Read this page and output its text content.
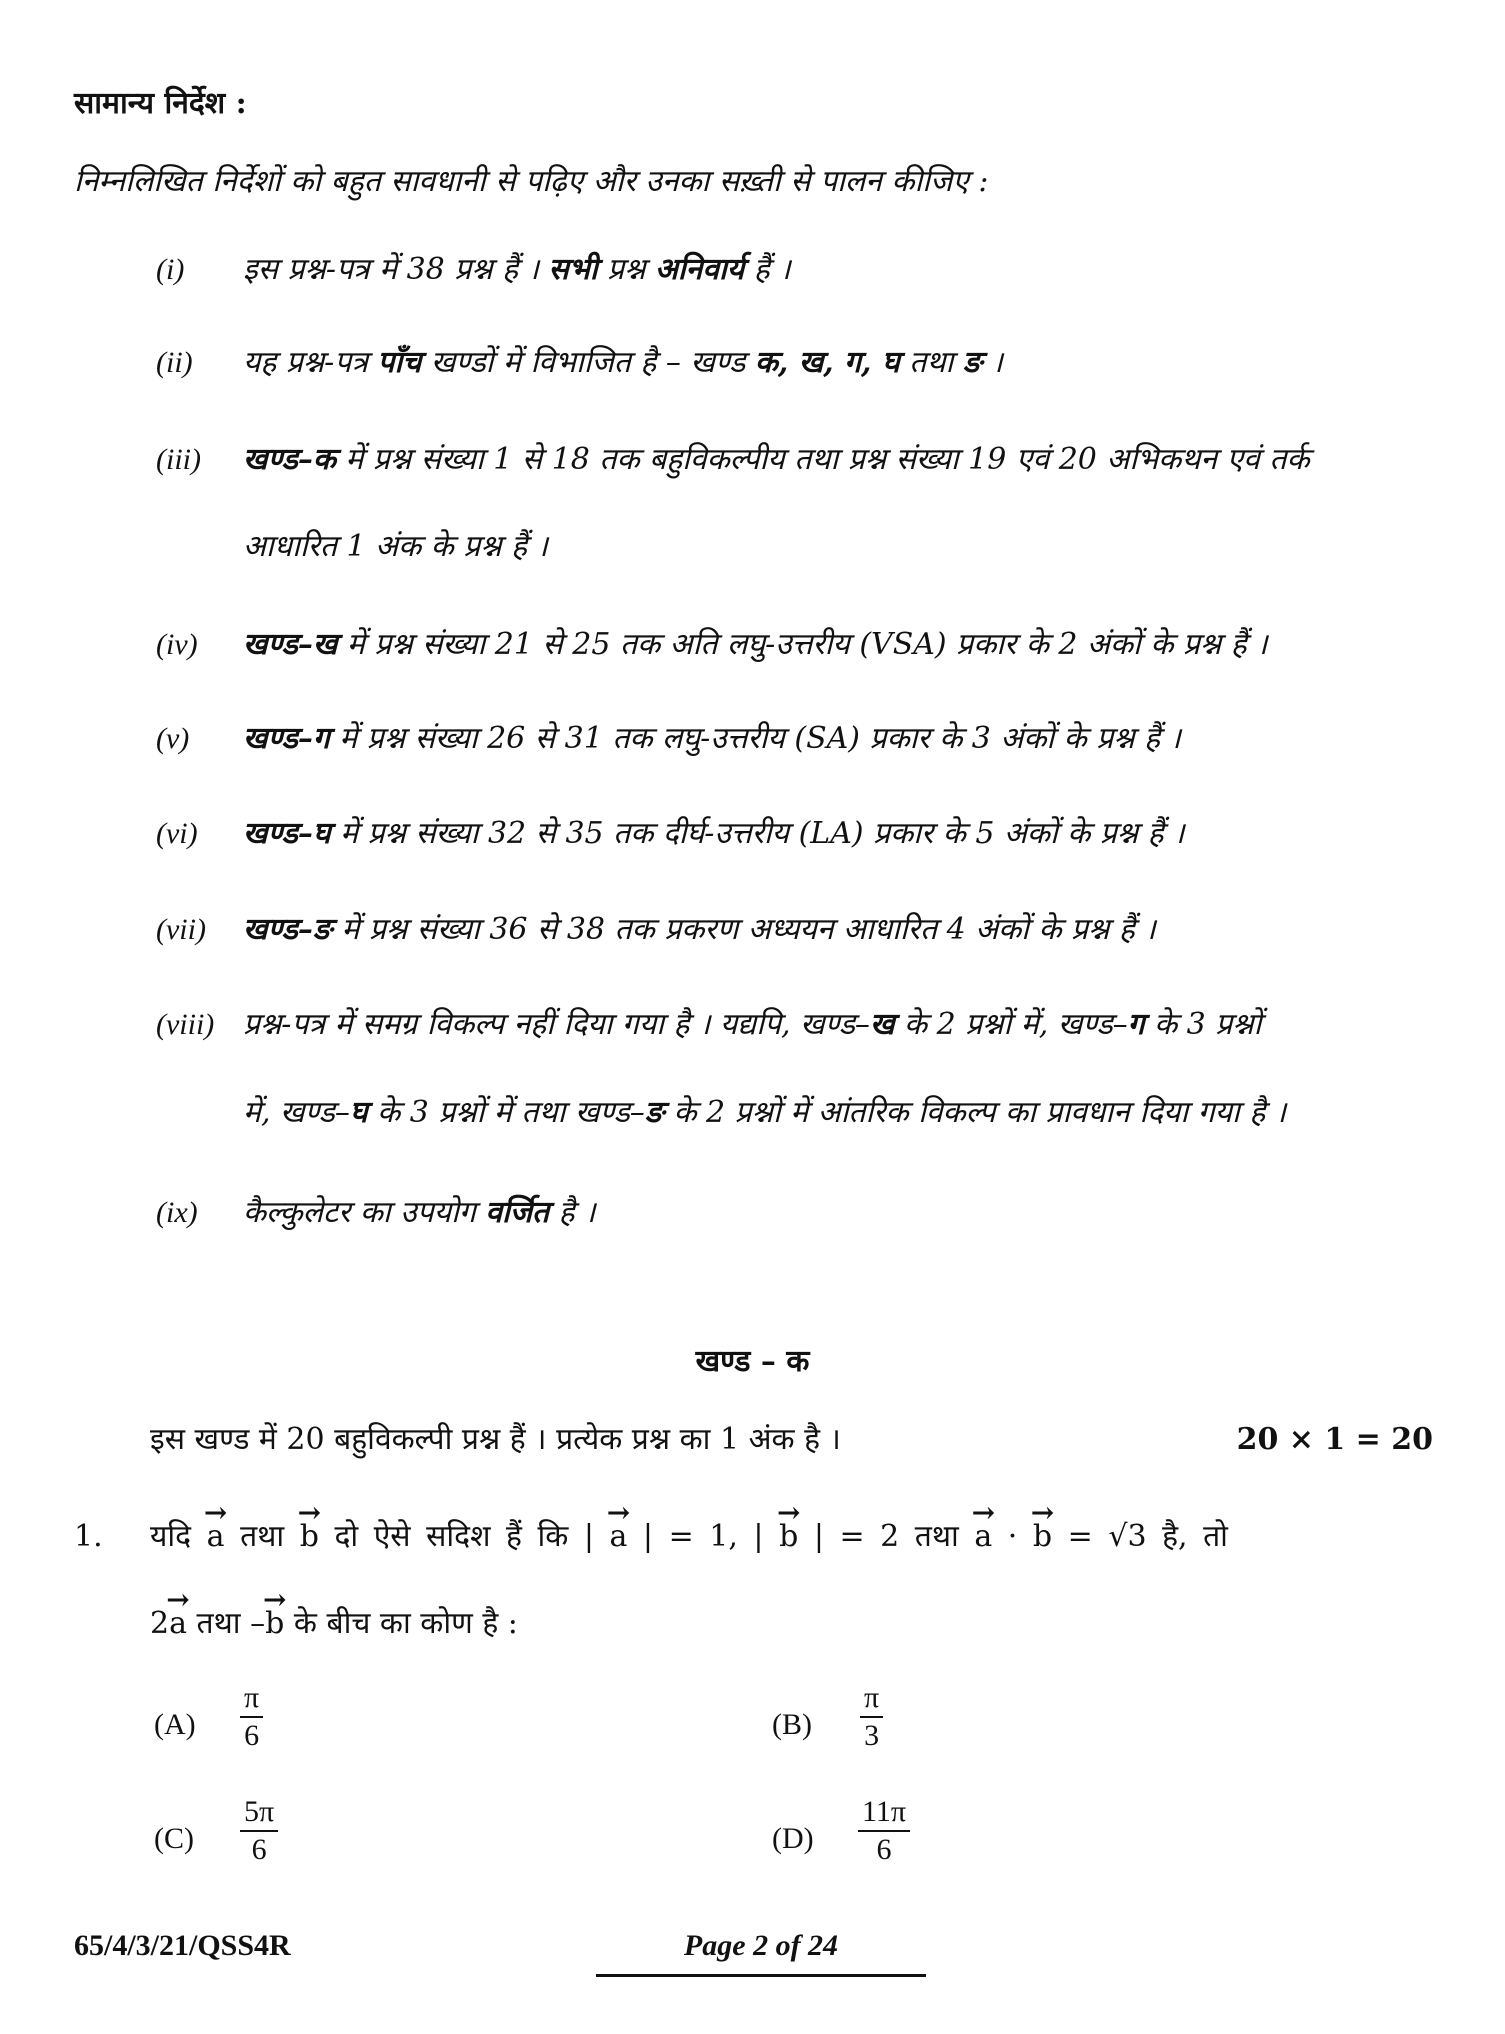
सामान्य निर्देश :
निम्नलिखित निर्देशों को बहुत सावधानी से पढ़िए और उनका सख़्ती से पालन कीजिए :
(i) इस प्रश्न-पत्र में 38 प्रश्न हैं । सभी प्रश्न अनिवार्य हैं ।
(ii) यह प्रश्न-पत्र पाँच खण्डों में विभाजित है – खण्ड क, ख, ग, घ तथा ङ ।
(iii) खण्ड–क में प्रश्न संख्या 1 से 18 तक बहुविकल्पीय तथा प्रश्न संख्या 19 एवं 20 अभिकथन एवं तर्क
आधारित 1 अंक के प्रश्न हैं ।
(iv) खण्ड–ख में प्रश्न संख्या 21 से 25 तक अति लघु-उत्तरीय (VSA) प्रकार के 2 अंकों के प्रश्न हैं ।
(v) खण्ड–ग में प्रश्न संख्या 26 से 31 तक लघु-उत्तरीय (SA) प्रकार के 3 अंकों के प्रश्न हैं ।
(vi) खण्ड–घ में प्रश्न संख्या 32 से 35 तक दीर्घ-उत्तरीय (LA) प्रकार के 5 अंकों के प्रश्न हैं ।
(vii) खण्ड–ङ में प्रश्न संख्या 36 से 38 तक प्रकरण अध्ययन आधारित 4 अंकों के प्रश्न हैं ।
(viii) प्रश्न-पत्र में समग्र विकल्प नहीं दिया गया है । यद्यपि, खण्ड–ख के 2 प्रश्नों में, खण्ड–ग के 3 प्रश्नों
में, खण्ड–घ के 3 प्रश्नों में तथा खण्ड–ङ के 2 प्रश्नों में आंतरिक विकल्प का प्रावधान दिया गया है ।
(ix) कैल्कुलेटर का उपयोग वर्जित है ।
खण्ड – क
इस खण्ड में 20 बहुविकल्पी प्रश्न हैं । प्रत्येक प्रश्न का 1 अंक है ।	20 × 1 = 20
1. यदि → a तथा → b दो ऐसे सदिश हैं कि | → a | = 1, | → b | = 2 तथा → a · → b = √3 है, तो
2→ a तथा –→ b के बीच का कोण है :
$(A) \frac{\pi}{6}$	$(B) \frac{\pi}{3}$
$(C) \frac{5\pi}{6}$	$(D) \frac{11\pi}{6}$
65/4/3/21/QSS4R	Page 2 of 24
